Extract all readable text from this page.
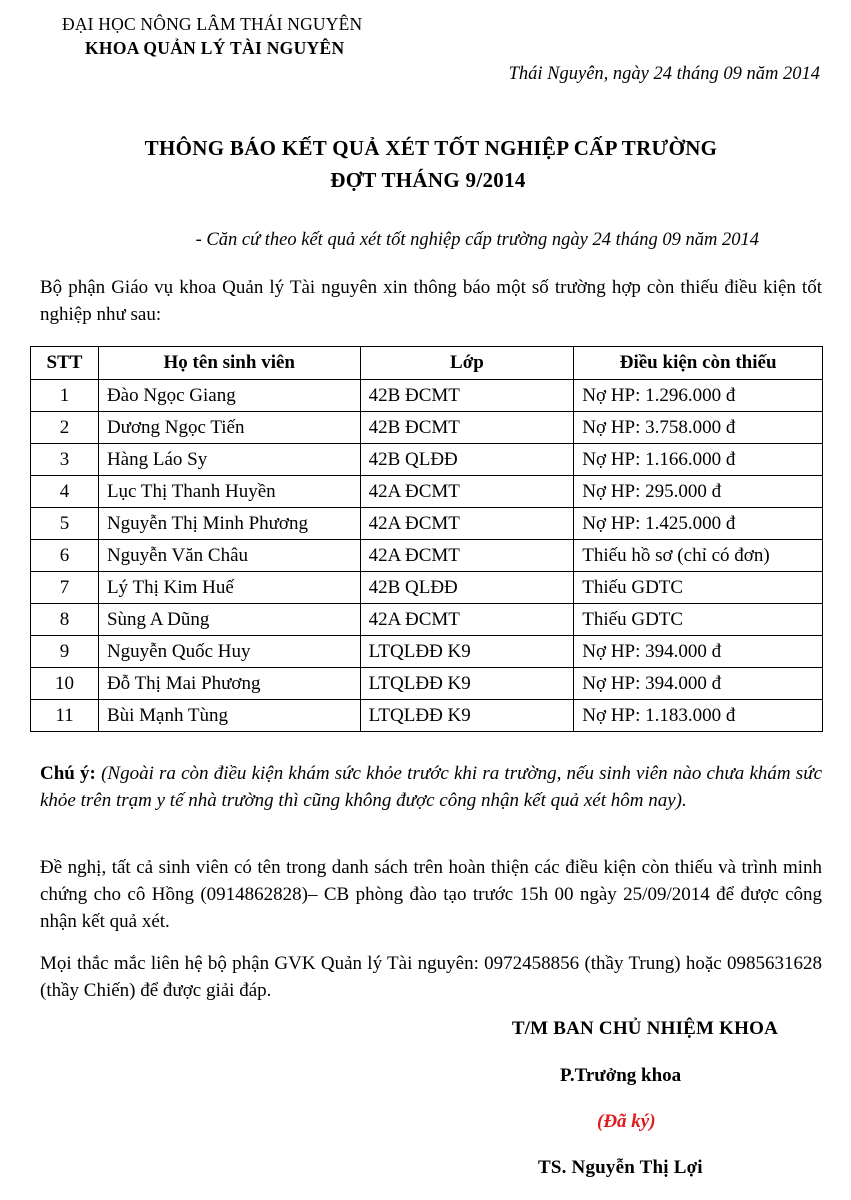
ĐẠI HỌC NÔNG LÂM THÁI NGUYÊN
KHOA QUẢN LÝ TÀI NGUYÊN
Thái Nguyên, ngày 24 tháng 09 năm 2014
THÔNG BÁO KẾT QUẢ XÉT TỐT NGHIỆP CẤP TRƯỜNG
ĐỢT THÁNG 9/2014
- Căn cứ theo kết quả xét tốt nghiệp cấp trường ngày 24 tháng 09 năm 2014
Bộ phận Giáo vụ khoa Quản lý Tài nguyên xin thông báo một số trường hợp còn thiếu điều kiện tốt nghiệp như sau:
STT	Họ tên sinh viên	Lớp	Điều kiện còn thiếu
1	Đào Ngọc Giang	42B ĐCMT	Nợ HP: 1.296.000 đ
2	Dương Ngọc Tiến	42B ĐCMT	Nợ HP: 3.758.000 đ
3	Hàng Láo Sy	42B QLĐĐ	Nợ HP: 1.166.000 đ
4	Lục Thị Thanh Huyền	42A ĐCMT	Nợ HP: 295.000 đ
5	Nguyễn Thị Minh Phương	42A ĐCMT	Nợ HP: 1.425.000 đ
6	Nguyễn Văn Châu	42A ĐCMT	Thiếu hồ sơ (chỉ có đơn)
7	Lý Thị Kim Huế	42B QLĐĐ	Thiếu GDTC
8	Sùng A Dũng	42A ĐCMT	Thiếu GDTC
9	Nguyễn Quốc Huy	LTQLĐĐ K9	Nợ HP: 394.000 đ
10	Đỗ Thị Mai Phương	LTQLĐĐ K9	Nợ HP: 394.000 đ
11	Bùi Mạnh Tùng	LTQLĐĐ K9	Nợ HP: 1.183.000 đ
Chú ý: (Ngoài ra còn điều kiện khám sức khỏe trước khi ra trường, nếu sinh viên nào chưa khám sức khỏe trên trạm y tế nhà trường thì cũng không được công nhận kết quả xét hôm nay).
Đề nghị, tất cả sinh viên có tên trong danh sách trên hoàn thiện các điều kiện còn thiếu và trình minh chứng cho cô Hồng (0914862828)– CB phòng đào tạo trước 15h 00 ngày 25/09/2014 để được công nhận kết quả xét.
Mọi thắc mắc liên hệ bộ phận GVK Quản lý Tài nguyên: 0972458856 (thầy Trung) hoặc 0985631628 (thầy Chiến) để được giải đáp.
T/M BAN CHỦ NHIỆM KHOA
P.Trưởng khoa
(Đã ký)
TS. Nguyễn Thị Lợi
